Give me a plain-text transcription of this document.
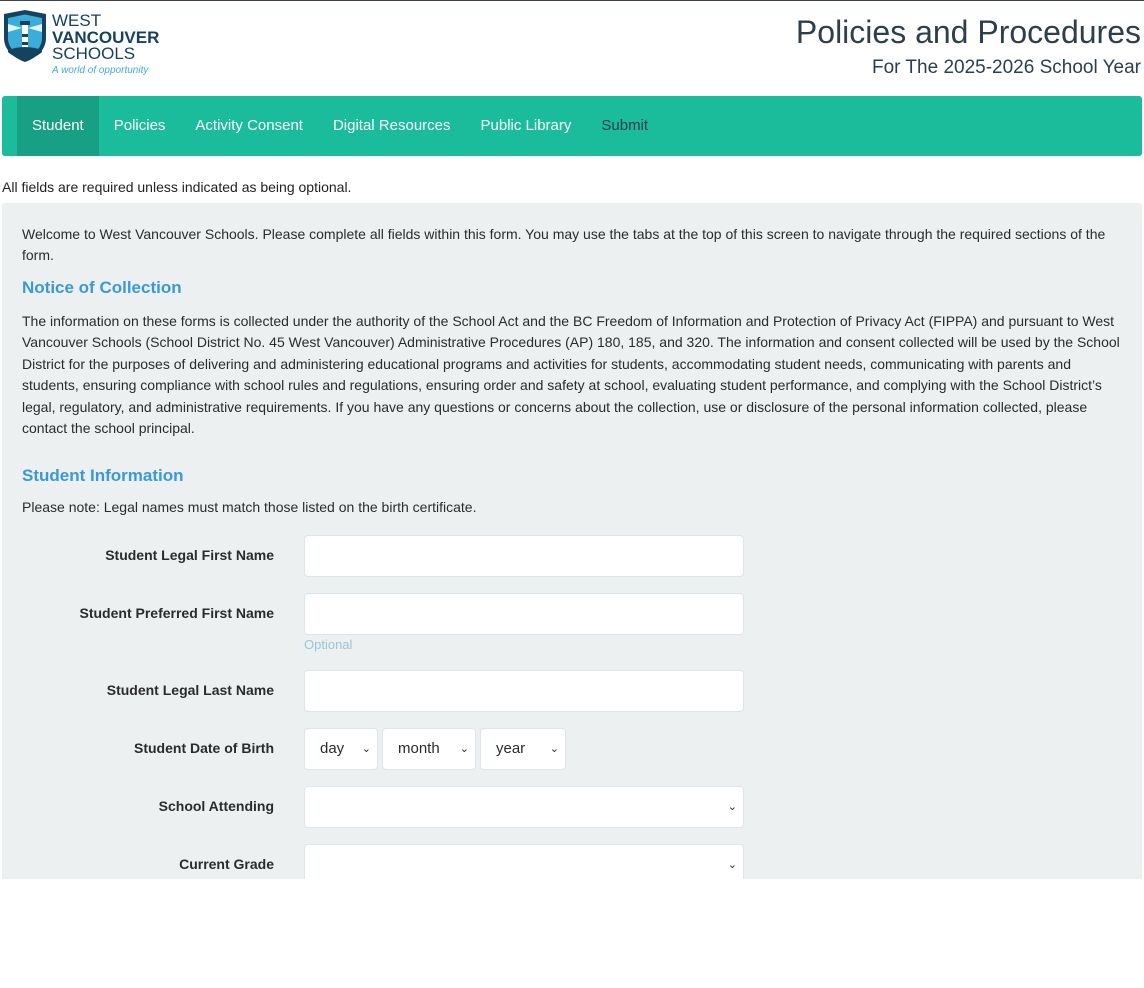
WEST
VANCOUVER
SCHOOLS
A world of opportunity
Policies and Procedures
For The 2025-2026 School Year
Student	Policies	Activity Consent	Digital Resources	Public Library	Submit
All fields are required unless indicated as being optional.
Welcome to West Vancouver Schools. Please complete all fields within this form. You may use the tabs at the top of this screen to navigate through the required sections of the form.
Notice of Collection
The information on these forms is collected under the authority of the School Act and the BC Freedom of Information and Protection of Privacy Act (FIPPA) and pursuant to West Vancouver Schools (School District No. 45 West Vancouver) Administrative Procedures (AP) 180, 185, and 320. The information and consent collected will be used by the School District for the purposes of delivering and administering educational programs and activities for students, accommodating student needs, communicating with parents and students, ensuring compliance with school rules and regulations, ensuring order and safety at school, evaluating student performance, and complying with the School District’s legal, regulatory, and administrative requirements. If you have any questions or concerns about the collection, use or disclosure of the personal information collected, please contact the school principal.
Student Information
Please note: Legal names must match those listed on the birth certificate.
Student Legal First Name
Student Preferred First Name
Optional
Student Legal Last Name
Student Date of Birth	day ⌄	month ⌄	year ⌄
School Attending	⌄
Current Grade	⌄
